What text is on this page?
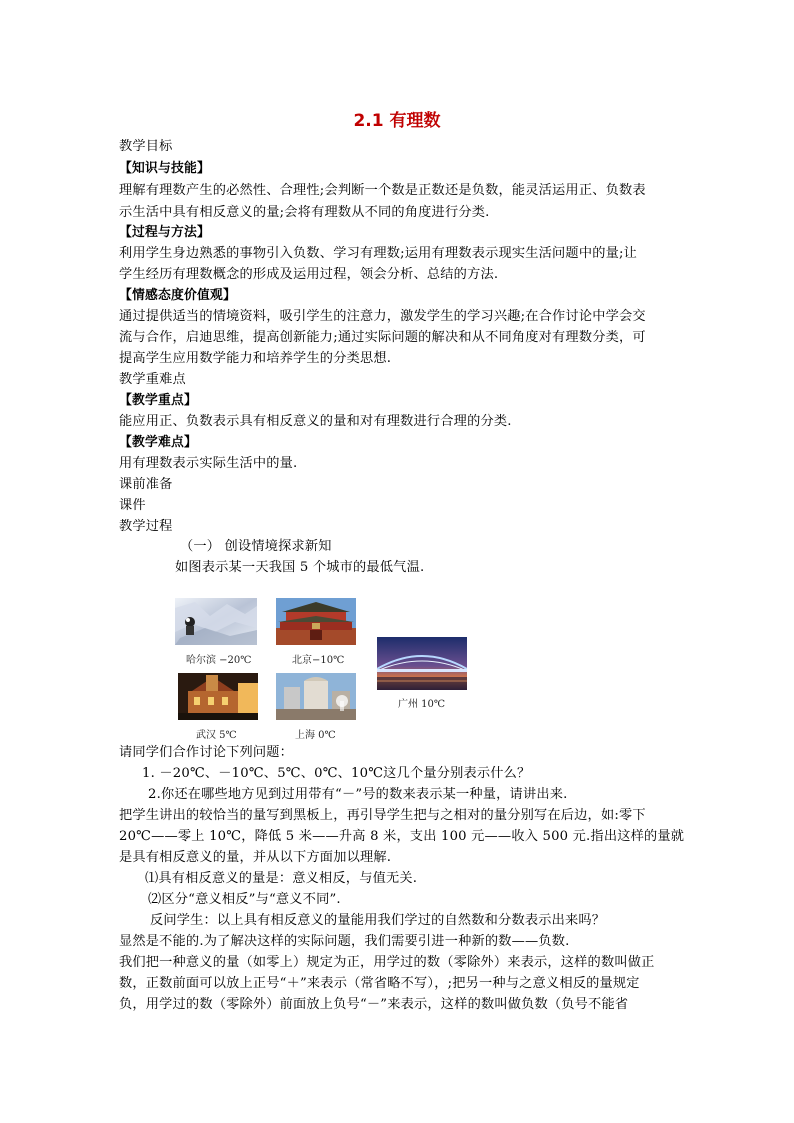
2.1 有理数
教学目标
【知识与技能】
理解有理数产生的必然性、合理性;会判断一个数是正数还是负数，能灵活运用正、负数表
示生活中具有相反意义的量;会将有理数从不同的角度进行分类.
【过程与方法】
利用学生身边熟悉的事物引入负数、学习有理数;运用有理数表示现实生活问题中的量;让
学生经历有理数概念的形成及运用过程，领会分析、总结的方法.
【情感态度价值观】
通过提供适当的情境资料，吸引学生的注意力，激发学生的学习兴趣;在合作讨论中学会交
流与合作，启迪思维，提高创新能力;通过实际问题的解决和从不同角度对有理数分类，可
提高学生应用数学能力和培养学生的分类思想.
教学重难点
【教学重点】
能应用正、负数表示具有相反意义的量和对有理数进行合理的分类.
【教学难点】
用有理数表示实际生活中的量.
课前准备
课件
教学过程
（一） 创设情境探求新知
如图表示某一天我国 5 个城市的最低气温.
哈尔滨 −20℃	北京−10℃
广州 10℃
武汉 5℃	上海 0℃
请同学们合作讨论下列问题：
1. －20℃、－10℃、5℃、0℃、10℃这几个量分别表示什么？
2.你还在哪些地方见到过用带有“－”号的数来表示某一种量，请讲出来.
把学生讲出的较恰当的量写到黑板上，再引导学生把与之相对的量分别写在后边，如:零下
20℃——零上 10℃，降低 5 米——升高 8 米，支出 100 元——收入 500 元.指出这样的量就
是具有相反意义的量，并从以下方面加以理解.
⑴具有相反意义的量是：意义相反，与值无关.
⑵区分“意义相反”与“意义不同”.
反问学生：以上具有相反意义的量能用我们学过的自然数和分数表示出来吗？
显然是不能的.为了解决这样的实际问题，我们需要引进一种新的数——负数.
我们把一种意义的量（如零上）规定为正，用学过的数（零除外）来表示，这样的数叫做正
数，正数前面可以放上正号“＋”来表示（常省略不写），;把另一种与之意义相反的量规定
负，用学过的数（零除外）前面放上负号“－”来表示，这样的数叫做负数（负号不能省
